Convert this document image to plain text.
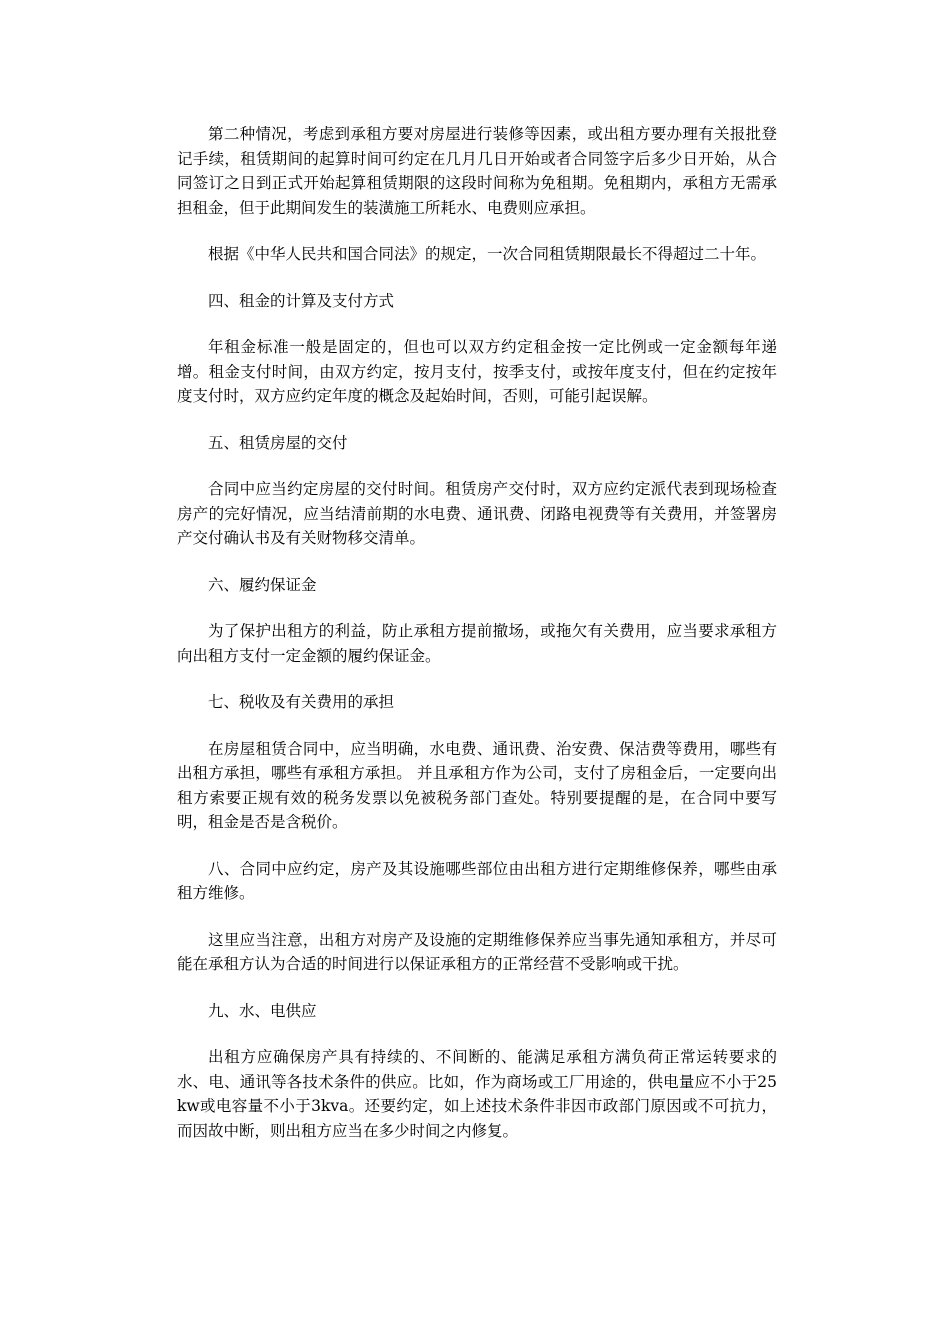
第二种情况，考虑到承租方要对房屋进行装修等因素，或出租方要办理有关报批登记手续，租赁期间的起算时间可约定在几月几日开始或者合同签字后多少日开始，从合同签订之日到正式开始起算租赁期限的这段时间称为免租期。免租期内，承租方无需承担租金，但于此期间发生的装潢施工所耗水、电费则应承担。

根据《中华人民共和国合同法》的规定，一次合同租赁期限最长不得超过二十年。

四、租金的计算及支付方式

年租金标准一般是固定的，但也可以双方约定租金按一定比例或一定金额每年递增。租金支付时间，由双方约定，按月支付，按季支付，或按年度支付，但在约定按年度支付时，双方应约定年度的概念及起始时间，否则，可能引起误解。

五、租赁房屋的交付

合同中应当约定房屋的交付时间。租赁房产交付时，双方应约定派代表到现场检查房产的完好情况，应当结清前期的水电费、通讯费、闭路电视费等有关费用，并签署房产交付确认书及有关财物移交清单。

六、履约保证金

为了保护出租方的利益，防止承租方提前撤场，或拖欠有关费用，应当要求承租方向出租方支付一定金额的履约保证金。

七、税收及有关费用的承担

在房屋租赁合同中，应当明确，水电费、通讯费、治安费、保洁费等费用，哪些有出租方承担，哪些有承租方承担。 并且承租方作为公司，支付了房租金后，一定要向出租方索要正规有效的税务发票以免被税务部门查处。特别要提醒的是，在合同中要写明，租金是否是含税价。

八、合同中应约定，房产及其设施哪些部位由出租方进行定期维修保养，哪些由承租方维修。

这里应当注意，出租方对房产及设施的定期维修保养应当事先通知承租方，并尽可能在承租方认为合适的时间进行以保证承租方的正常经营不受影响或干扰。

九、水、电供应

出租方应确保房产具有持续的、不间断的、能满足承租方满负荷正常运转要求的水、电、通讯等各技术条件的供应。比如，作为商场或工厂用途的，供电量应不小于25kw或电容量不小于3kva。还要约定，如上述技术条件非因市政部门原因或不可抗力，而因故中断，则出租方应当在多少时间之内修复。
